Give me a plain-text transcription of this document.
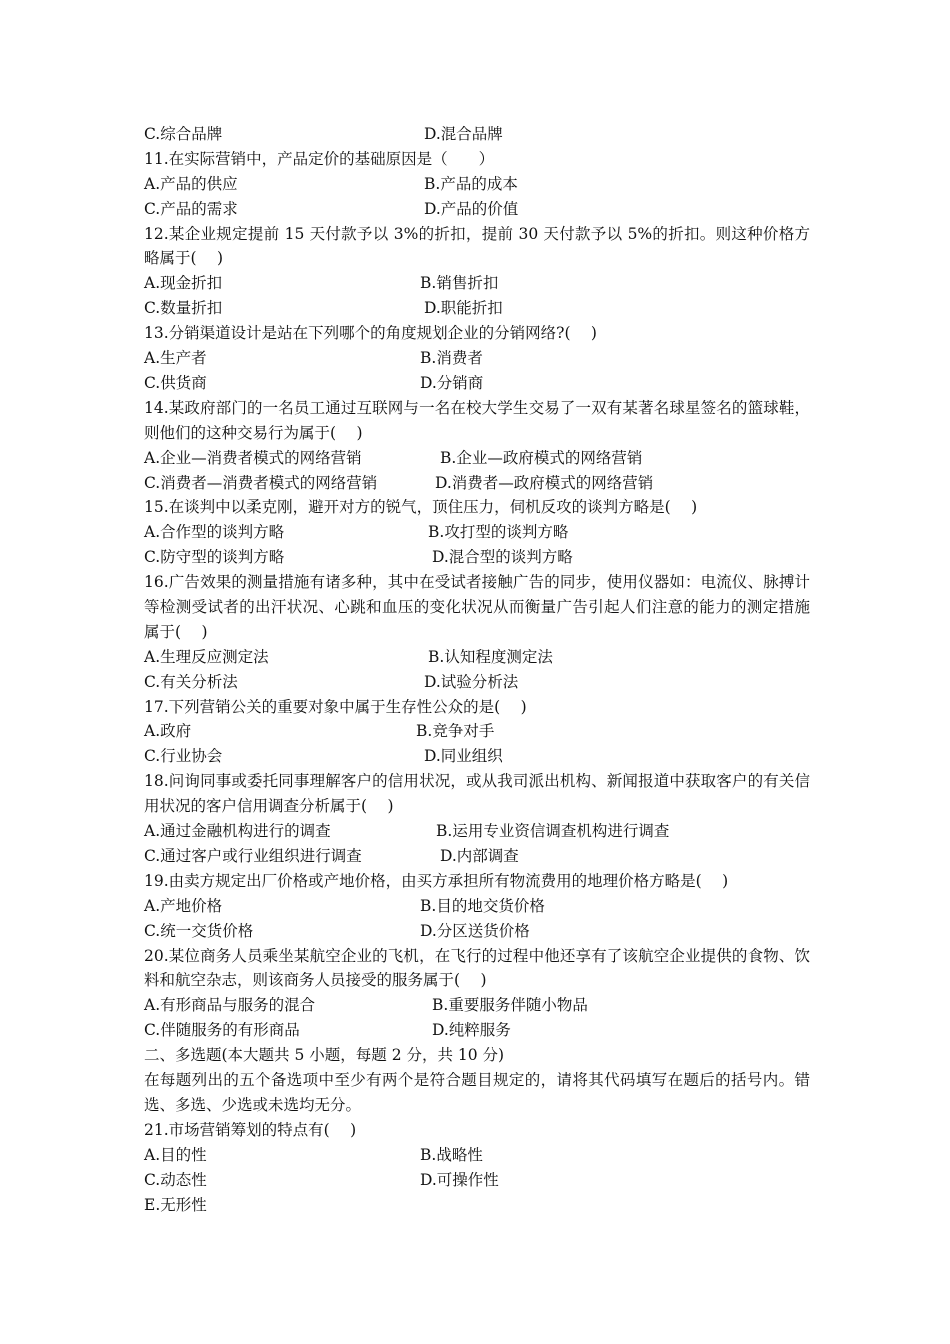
C.综合品牌	D.混合品牌
11.在实际营销中，产品定价的基础原因是（　　）
A.产品的供应	B.产品的成本
C.产品的需求	D.产品的价值
12.某企业规定提前 15 天付款予以 3%的折扣，提前 30 天付款予以 5%的折扣。则这种价格方略属于(　 )
A.现金折扣	B.销售折扣
C.数量折扣	D.职能折扣
13.分销渠道设计是站在下列哪个的角度规划企业的分销网络?(　 )
A.生产者	B.消费者
C.供货商	D.分销商
14.某政府部门的一名员工通过互联网与一名在校大学生交易了一双有某著名球星签名的篮球鞋，则他们的这种交易行为属于(　 )
A.企业—消费者模式的网络营销	B.企业—政府模式的网络营销
C.消费者—消费者模式的网络营销	D.消费者—政府模式的网络营销
15.在谈判中以柔克刚，避开对方的锐气，顶住压力，伺机反攻的谈判方略是(　 )
A.合作型的谈判方略	B.攻打型的谈判方略
C.防守型的谈判方略	D.混合型的谈判方略
16.广告效果的测量措施有诸多种，其中在受试者接触广告的同步，使用仪器如：电流仪、脉搏计等检测受试者的出汗状况、心跳和血压的变化状况从而衡量广告引起人们注意的能力的测定措施属于(　 )
A.生理反应测定法	B.认知程度测定法
C.有关分析法	D.试验分析法
17.下列营销公关的重要对象中属于生存性公众的是(　 )
A.政府	B.竞争对手
C.行业协会	D.同业组织
18.问询同事或委托同事理解客户的信用状况，或从我司派出机构、新闻报道中获取客户的有关信用状况的客户信用调查分析属于(　 )
A.通过金融机构进行的调查	B.运用专业资信调查机构进行调查
C.通过客户或行业组织进行调查	D.内部调查
19.由卖方规定出厂价格或产地价格，由买方承担所有物流费用的地理价格方略是(　 )
A.产地价格	B.目的地交货价格
C.统一交货价格	D.分区送货价格
20.某位商务人员乘坐某航空企业的飞机，在飞行的过程中他还享有了该航空企业提供的食物、饮料和航空杂志，则该商务人员接受的服务属于(　 )
A.有形商品与服务的混合	B.重要服务伴随小物品
C.伴随服务的有形商品	D.纯粹服务
二、多选题(本大题共 5 小题，每题 2 分，共 10 分)
在每题列出的五个备选项中至少有两个是符合题目规定的，请将其代码填写在题后的括号内。错选、多选、少选或未选均无分。
21.市场营销筹划的特点有(　 )
A.目的性	B.战略性
C.动态性	D.可操作性
E.无形性
